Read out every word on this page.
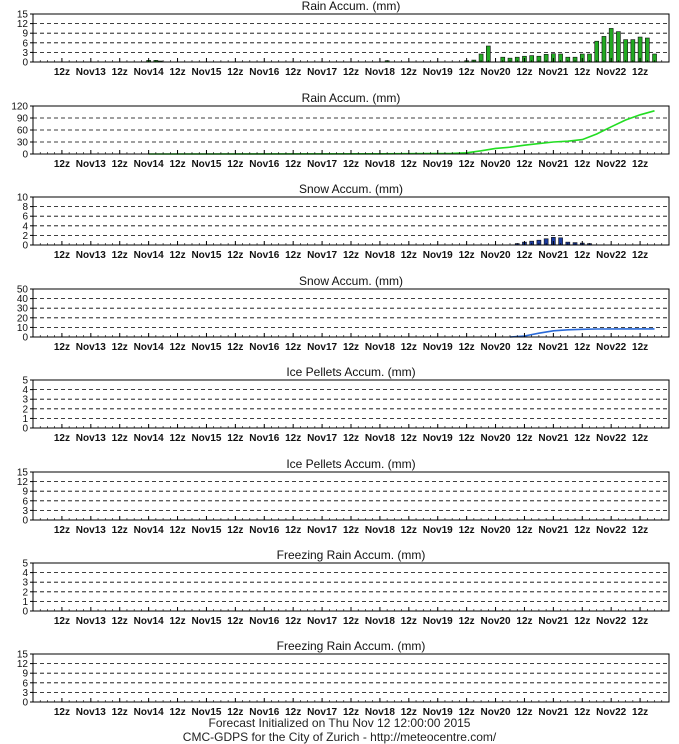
Rain Accum. (mm)
0
3
6
9
12
15
12z Nov13 12z Nov14 12z Nov15 12z Nov16 12z Nov17 12z Nov18 12z Nov19 12z Nov20 12z Nov21 12z Nov22 12z
Rain Accum. (mm)
0
30
60
90
120
12z Nov13 12z Nov14 12z Nov15 12z Nov16 12z Nov17 12z Nov18 12z Nov19 12z Nov20 12z Nov21 12z Nov22 12z
Snow Accum. (mm)
0
2
4
6
8
10
12z Nov13 12z Nov14 12z Nov15 12z Nov16 12z Nov17 12z Nov18 12z Nov19 12z Nov20 12z Nov21 12z Nov22 12z
Snow Accum. (mm)
0
10
20
30
40
50
12z Nov13 12z Nov14 12z Nov15 12z Nov16 12z Nov17 12z Nov18 12z Nov19 12z Nov20 12z Nov21 12z Nov22 12z
Ice Pellets Accum. (mm)
0
1
2
3
4
5
12z Nov13 12z Nov14 12z Nov15 12z Nov16 12z Nov17 12z Nov18 12z Nov19 12z Nov20 12z Nov21 12z Nov22 12z
Ice Pellets Accum. (mm)
0
3
6
9
12
15
12z Nov13 12z Nov14 12z Nov15 12z Nov16 12z Nov17 12z Nov18 12z Nov19 12z Nov20 12z Nov21 12z Nov22 12z
Freezing Rain Accum. (mm)
0
1
2
3
4
5
12z Nov13 12z Nov14 12z Nov15 12z Nov16 12z Nov17 12z Nov18 12z Nov19 12z Nov20 12z Nov21 12z Nov22 12z
Freezing Rain Accum. (mm)
0
3
6
9
12
15
12z Nov13 12z Nov14 12z Nov15 12z Nov16 12z Nov17 12z Nov18 12z Nov19 12z Nov20 12z Nov21 12z Nov22 12z
Forecast Initialized on Thu Nov 12 12:00:00 2015
CMC-GDPS for the City of Zurich - http://meteocentre.com/
